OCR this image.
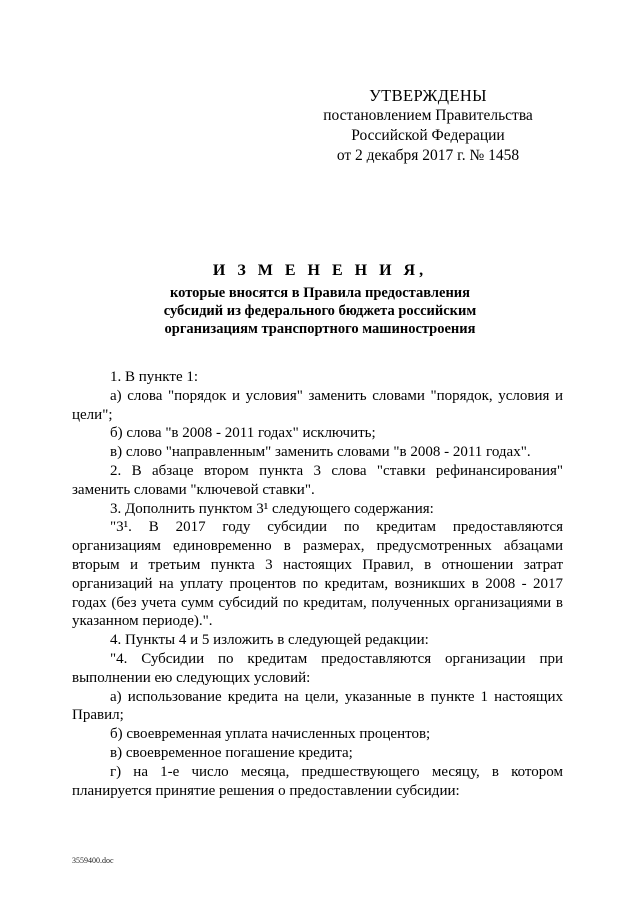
УТВЕРЖДЕНЫ
постановлением Правительства
Российской Федерации
от 2 декабря 2017 г. № 1458
И З М Е Н Е Н И Я,
которые вносятся в Правила предоставления
субсидий из федерального бюджета российским
организациям транспортного машиностроения

1. В пункте 1:

а) слова "порядок и условия" заменить словами "порядок, условия и цели";

б) слова "в 2008 - 2011 годах" исключить;

в) слово "направленным" заменить словами "в 2008 - 2011 годах".

2. В абзаце втором пункта 3 слова "ставки рефинансирования" заменить словами "ключевой ставки".

3. Дополнить пунктом 3¹ следующего содержания:

"3¹. В 2017 году субсидии по кредитам предоставляются организациям единовременно в размерах, предусмотренных абзацами вторым и третьим пункта 3 настоящих Правил, в отношении затрат организаций на уплату процентов по кредитам, возникших в 2008 - 2017 годах (без учета сумм субсидий по кредитам, полученных организациями в указанном периоде).".

4. Пункты 4 и 5 изложить в следующей редакции:

"4. Субсидии по кредитам предоставляются организации при выполнении ею следующих условий:

а) использование кредита на цели, указанные в пункте 1 настоящих Правил;

б) своевременная уплата начисленных процентов;

в) своевременное погашение кредита;

г) на 1-е число месяца, предшествующего месяцу, в котором планируется принятие решения о предоставлении субсидии:

3559400.doc
